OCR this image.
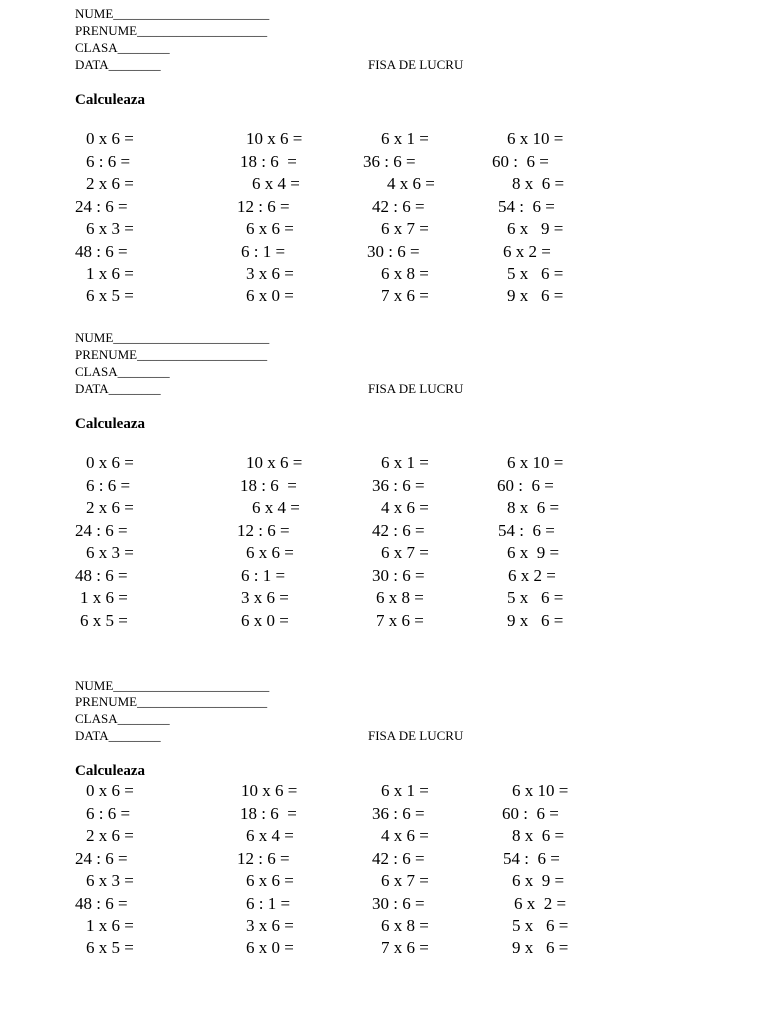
NUME________________________
PRENUME____________________
CLASA________
DATA________	FISA DE LUCRU
Calculeaza
0 x 6 =	10 x 6 =	6 x 1 =	6 x 10 =
6 : 6 =	18 : 6  =	36 : 6 =	60 :  6 =
2 x 6 =	6 x 4 =	4 x 6 =	8 x  6 =
24 : 6 =	12 : 6 =	42 : 6 =	54 :  6 =
6 x 3 =	6 x 6 =	6 x 7 =	6 x   9 =
48 : 6 =	6 : 1 =	30 : 6 =	6 x 2 =
1 x 6 =	3 x 6 =	6 x 8 =	5 x   6 =
6 x 5 =	6 x 0 =	7 x 6 =	9 x   6 =
NUME________________________
PRENUME____________________
CLASA________
DATA________	FISA DE LUCRU
Calculeaza
0 x 6 =	10 x 6 =	6 x 1 =	6 x 10 =
6 : 6 =	18 : 6  =	36 : 6 =	60 :  6 =
2 x 6 =	6 x 4 =	4 x 6 =	8 x  6 =
24 : 6 =	12 : 6 =	42 : 6 =	54 :  6 =
6 x 3 =	6 x 6 =	6 x 7 =	6 x  9 =
48 : 6 =	6 : 1 =	30 : 6 =	6 x 2 =
1 x 6 =	3 x 6 =	6 x 8 =	5 x   6 =
6 x 5 =	6 x 0 =	7 x 6 =	9 x   6 =
NUME________________________
PRENUME____________________
CLASA________
DATA________	FISA DE LUCRU
Calculeaza
0 x 6 =	10 x 6 =	6 x 1 =	6 x 10 =
6 : 6 =	18 : 6  =	36 : 6 =	60 :  6 =
2 x 6 =	6 x 4 =	4 x 6 =	8 x  6 =
24 : 6 =	12 : 6 =	42 : 6 =	54 :  6 =
6 x 3 =	6 x 6 =	6 x 7 =	6 x  9 =
48 : 6 =	6 : 1 =	30 : 6 =	6 x  2 =
1 x 6 =	3 x 6 =	6 x 8 =	5 x   6 =
6 x 5 =	6 x 0 =	7 x 6 =	9 x   6 =
